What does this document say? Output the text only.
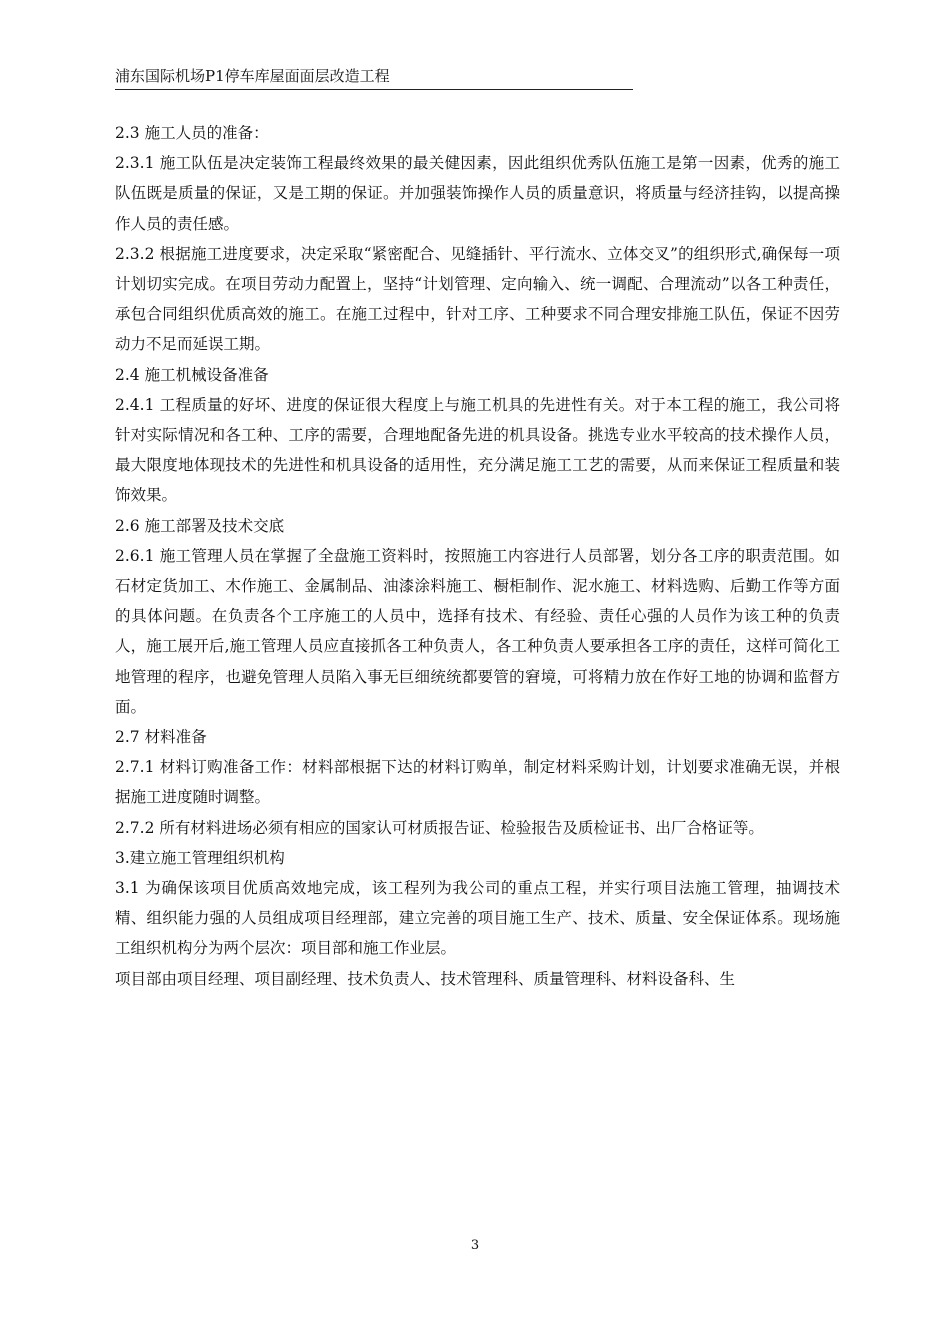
浦东国际机场P1停车库屋面面层改造工程

2.3 施工人员的准备：

2.3.1 施工队伍是决定装饰工程最终效果的最关健因素，因此组织优秀队伍施工是第一因素，优秀的施工队伍既是质量的保证，又是工期的保证。并加强装饰操作人员的质量意识，将质量与经济挂钩，以提高操作人员的责任感。

2.3.2 根据施工进度要求，决定采取“紧密配合、见缝插针、平行流水、立体交叉”的组织形式,确保每一项计划切实完成。在项目劳动力配置上，坚持“计划管理、定向输入、统一调配、合理流动”以各工种责任，承包合同组织优质高效的施工。在施工过程中，针对工序、工种要求不同合理安排施工队伍，保证不因劳动力不足而延误工期。

2.4 施工机械设备准备

2.4.1 工程质量的好坏、进度的保证很大程度上与施工机具的先进性有关。对于本工程的施工，我公司将针对实际情况和各工种、工序的需要，合理地配备先进的机具设备。挑选专业水平较高的技术操作人员，最大限度地体现技术的先进性和机具设备的适用性，充分满足施工工艺的需要，从而来保证工程质量和装饰效果。

2.6 施工部署及技术交底

2.6.1 施工管理人员在掌握了全盘施工资料时，按照施工内容进行人员部署，划分各工序的职责范围。如石材定货加工、木作施工、金属制品、油漆涂料施工、橱柜制作、泥水施工、材料选购、后勤工作等方面的具体问题。在负责各个工序施工的人员中，选择有技术、有经验、责任心强的人员作为该工种的负责人，施工展开后,施工管理人员应直接抓各工种负责人，各工种负责人要承担各工序的责任，这样可简化工地管理的程序，也避免管理人员陷入事无巨细统统都要管的窘境，可将精力放在作好工地的协调和监督方面。

2.7 材料准备

2.7.1 材料订购准备工作：材料部根据下达的材料订购单，制定材料采购计划，计划要求准确无误，并根据施工进度随时调整。

2.7.2 所有材料进场必须有相应的国家认可材质报告证、检验报告及质检证书、出厂合格证等。

3.建立施工管理组织机构

3.1 为确保该项目优质高效地完成，该工程列为我公司的重点工程，并实行项目法施工管理，抽调技术精、组织能力强的人员组成项目经理部，建立完善的项目施工生产、技术、质量、安全保证体系。现场施工组织机构分为两个层次：项目部和施工作业层。

项目部由项目经理、项目副经理、技术负责人、技术管理科、质量管理科、材料设备科、生

3
